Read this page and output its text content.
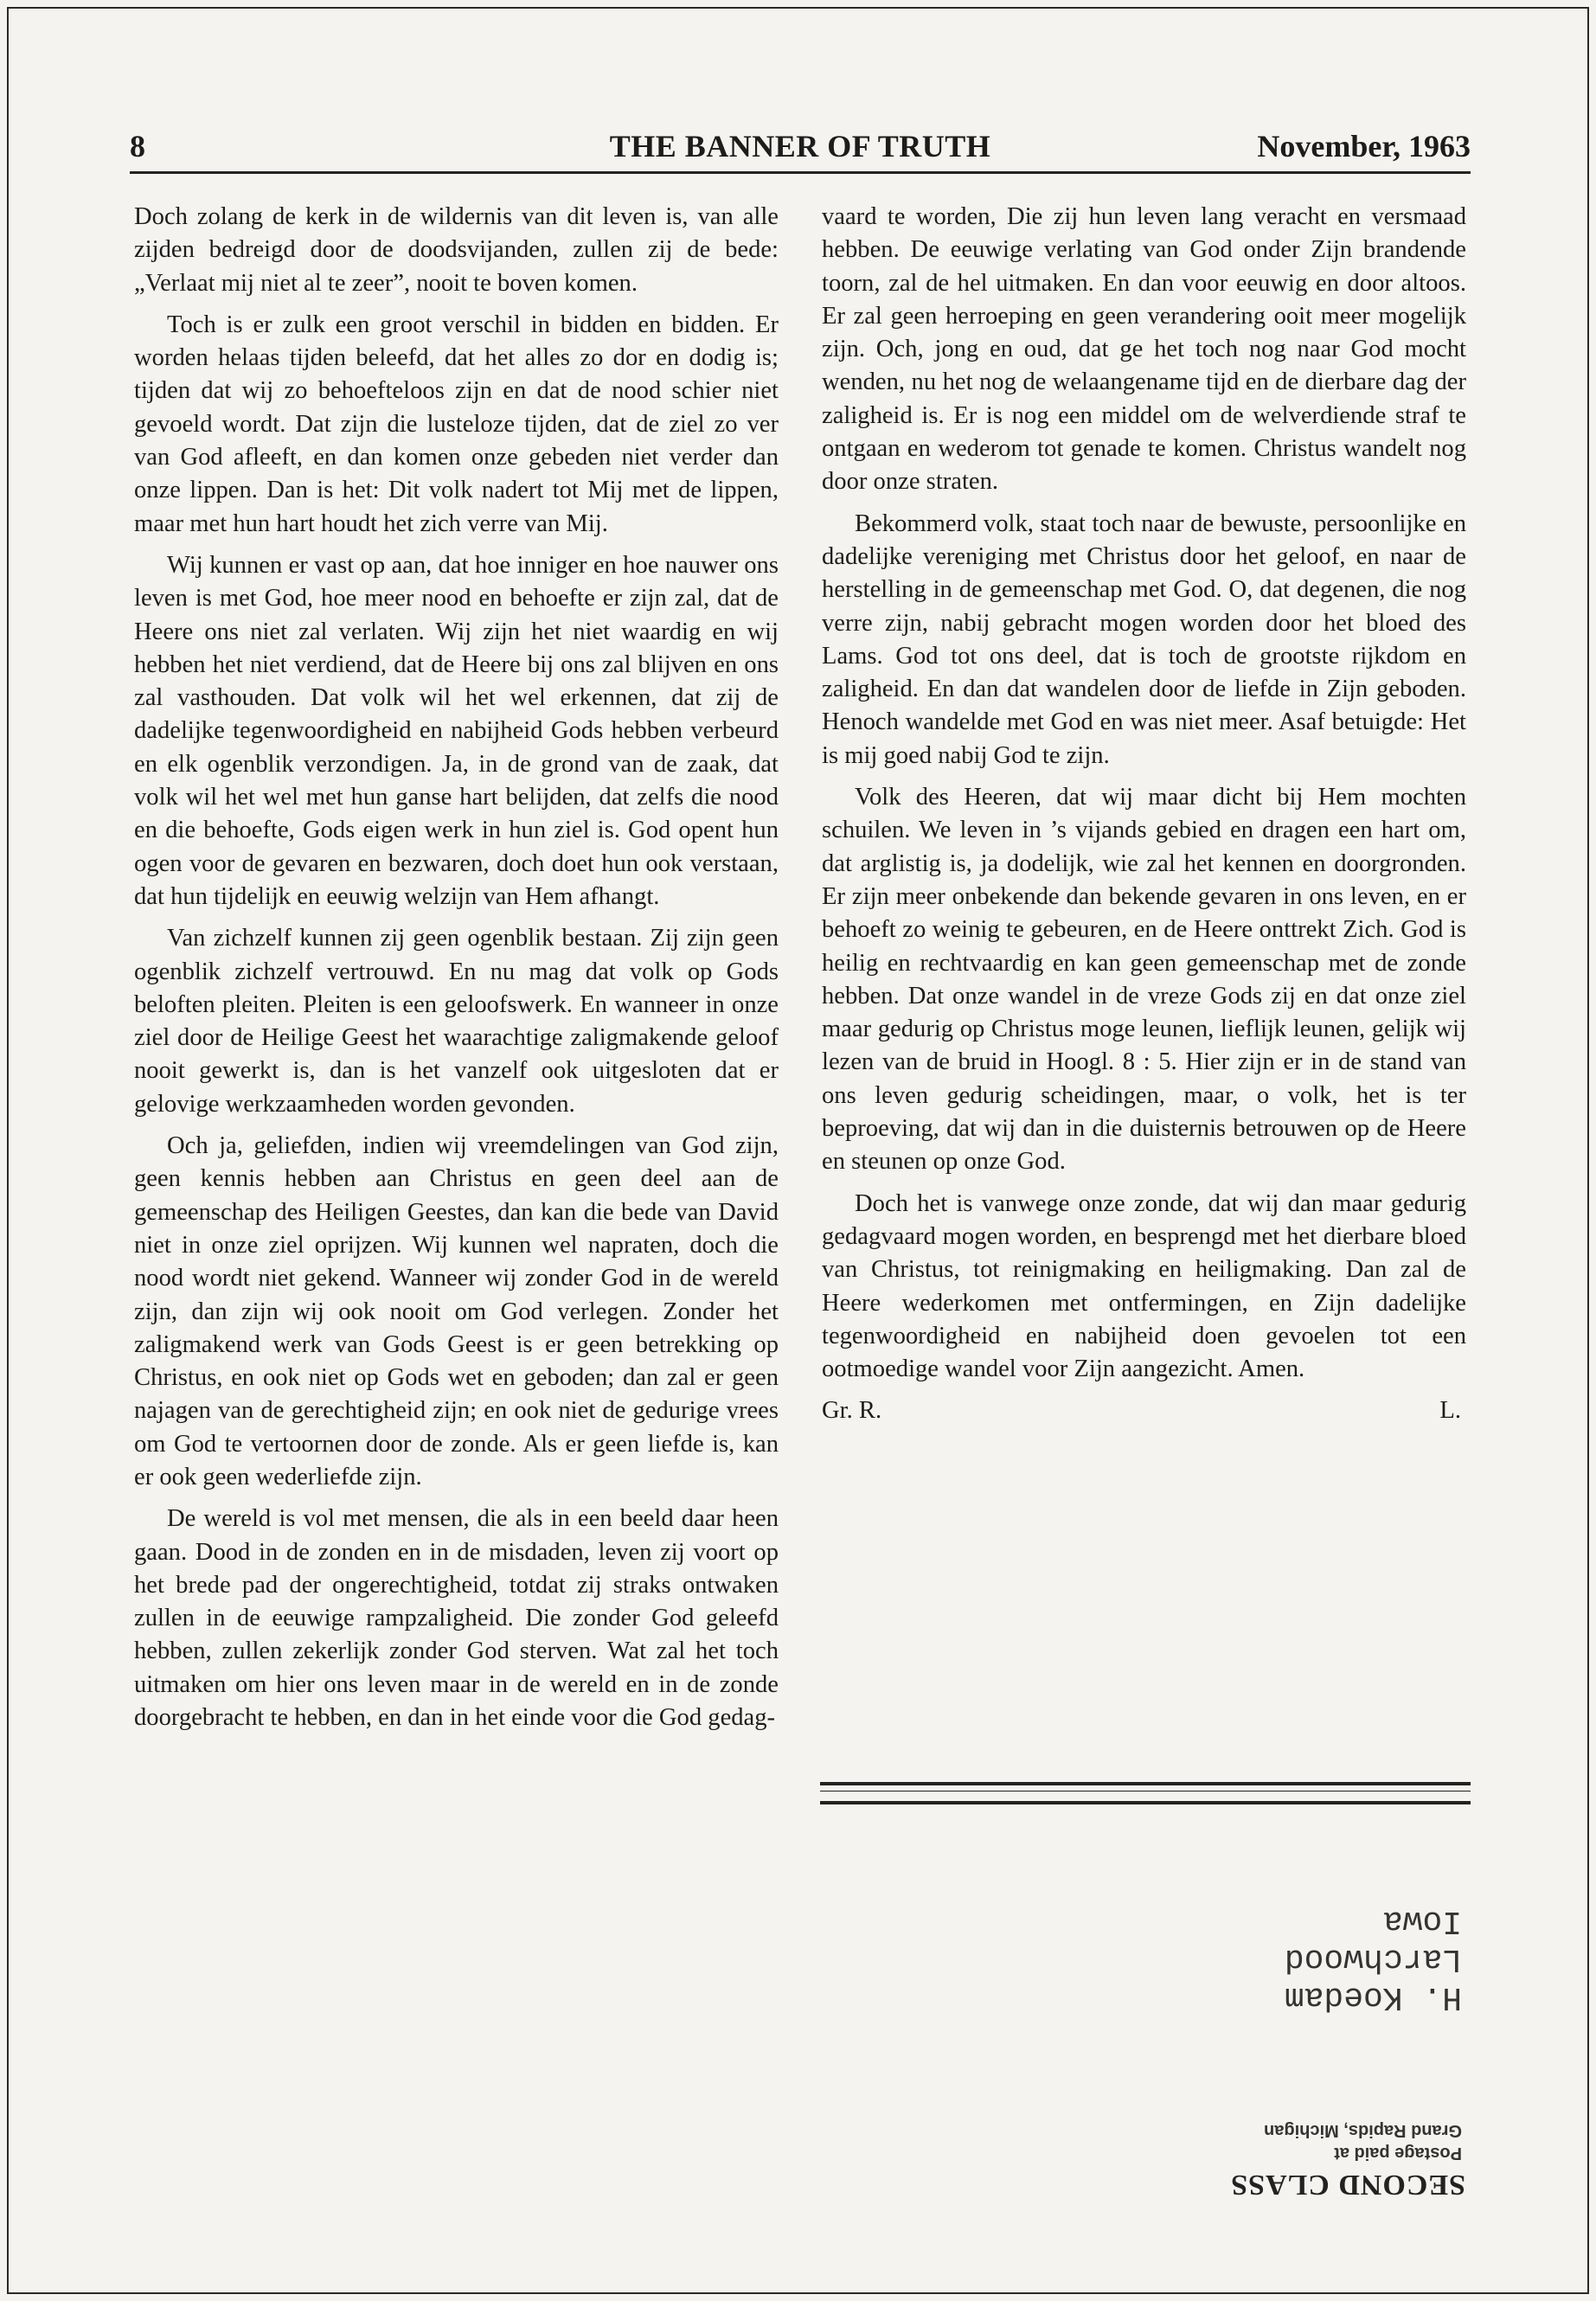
8	THE BANNER OF TRUTH	November, 1963

Doch zolang de kerk in de wildernis van dit leven is, van alle zijden bedreigd door de doodsvijanden, zullen zij de bede: „Verlaat mij niet al te zeer”, nooit te boven komen.

Toch is er zulk een groot verschil in bidden en bidden. Er worden helaas tijden beleefd, dat het alles zo dor en dodig is; tijden dat wij zo behoefteloos zijn en dat de nood schier niet gevoeld wordt. Dat zijn die lusteloze tijden, dat de ziel zo ver van God afleeft, en dan komen onze gebeden niet verder dan onze lippen. Dan is het: Dit volk nadert tot Mij met de lippen, maar met hun hart houdt het zich verre van Mij.

Wij kunnen er vast op aan, dat hoe inniger en hoe nauwer ons leven is met God, hoe meer nood en behoefte er zijn zal, dat de Heere ons niet zal verlaten. Wij zijn het niet waardig en wij hebben het niet verdiend, dat de Heere bij ons zal blijven en ons zal vasthouden. Dat volk wil het wel erkennen, dat zij de dadelijke tegenwoordigheid en nabijheid Gods hebben verbeurd en elk ogenblik verzondigen. Ja, in de grond van de zaak, dat volk wil het wel met hun ganse hart belijden, dat zelfs die nood en die behoefte, Gods eigen werk in hun ziel is. God opent hun ogen voor de gevaren en bezwaren, doch doet hun ook verstaan, dat hun tijdelijk en eeuwig welzijn van Hem afhangt.

Van zichzelf kunnen zij geen ogenblik bestaan. Zij zijn geen ogenblik zichzelf vertrouwd. En nu mag dat volk op Gods beloften pleiten. Pleiten is een geloofswerk. En wanneer in onze ziel door de Heilige Geest het waarachtige zaligmakende geloof nooit gewerkt is, dan is het vanzelf ook uitgesloten dat er gelovige werkzaamheden worden gevonden.

Och ja, geliefden, indien wij vreemdelingen van God zijn, geen kennis hebben aan Christus en geen deel aan de gemeenschap des Heiligen Geestes, dan kan die bede van David niet in onze ziel oprijzen. Wij kunnen wel napraten, doch die nood wordt niet gekend. Wanneer wij zonder God in de wereld zijn, dan zijn wij ook nooit om God verlegen. Zonder het zaligmakend werk van Gods Geest is er geen betrekking op Christus, en ook niet op Gods wet en geboden; dan zal er geen najagen van de gerechtigheid zijn; en ook niet de gedurige vrees om God te vertoornen door de zonde. Als er geen liefde is, kan er ook geen wederliefde zijn.

De wereld is vol met mensen, die als in een beeld daar heen gaan. Dood in de zonden en in de misdaden, leven zij voort op het brede pad der ongerechtigheid, totdat zij straks ontwaken zullen in de eeuwige rampzaligheid. Die zonder God geleefd hebben, zullen zekerlijk zonder God sterven. Wat zal het toch uitmaken om hier ons leven maar in de wereld en in de zonde doorgebracht te hebben, en dan in het einde voor die God gedag-

vaard te worden, Die zij hun leven lang veracht en versmaad hebben. De eeuwige verlating van God onder Zijn brandende toorn, zal de hel uitmaken. En dan voor eeuwig en door altoos. Er zal geen herroeping en geen verandering ooit meer mogelijk zijn. Och, jong en oud, dat ge het toch nog naar God mocht wenden, nu het nog de welaangename tijd en de dierbare dag der zaligheid is. Er is nog een middel om de welverdiende straf te ontgaan en wederom tot genade te komen. Christus wandelt nog door onze straten.

Bekommerd volk, staat toch naar de bewuste, persoonlijke en dadelijke vereniging met Christus door het geloof, en naar de herstelling in de gemeenschap met God. O, dat degenen, die nog verre zijn, nabij gebracht mogen worden door het bloed des Lams. God tot ons deel, dat is toch de grootste rijkdom en zaligheid. En dan dat wandelen door de liefde in Zijn geboden. Henoch wandelde met God en was niet meer. Asaf betuigde: Het is mij goed nabij God te zijn.

Volk des Heeren, dat wij maar dicht bij Hem mochten schuilen. We leven in ’s vijands gebied en dragen een hart om, dat arglistig is, ja dodelijk, wie zal het kennen en doorgronden. Er zijn meer onbekende dan bekende gevaren in ons leven, en er behoeft zo weinig te gebeuren, en de Heere onttrekt Zich. God is heilig en rechtvaardig en kan geen gemeenschap met de zonde hebben. Dat onze wandel in de vreze Gods zij en dat onze ziel maar gedurig op Christus moge leunen, lieflijk leunen, gelijk wij lezen van de bruid in Hoogl. 8 : 5. Hier zijn er in de stand van ons leven gedurig scheidingen, maar, o volk, het is ter beproeving, dat wij dan in die duisternis betrouwen op de Heere en steunen op onze God.

Doch het is vanwege onze zonde, dat wij dan maar gedurig gedagvaard mogen worden, en besprengd met het dierbare bloed van Christus, tot reinigmaking en heiligmaking. Dan zal de Heere wederkomen met ontfermingen, en Zijn dadelijke tegenwoordigheid en nabijheid doen gevoelen tot een ootmoedige wandel voor Zijn aangezicht. Amen.

Gr. R.	L.
SECOND CLASS
Postage paid at
Grand Rapids, Michigan
H. Koedam
Larchwood
Iowa
